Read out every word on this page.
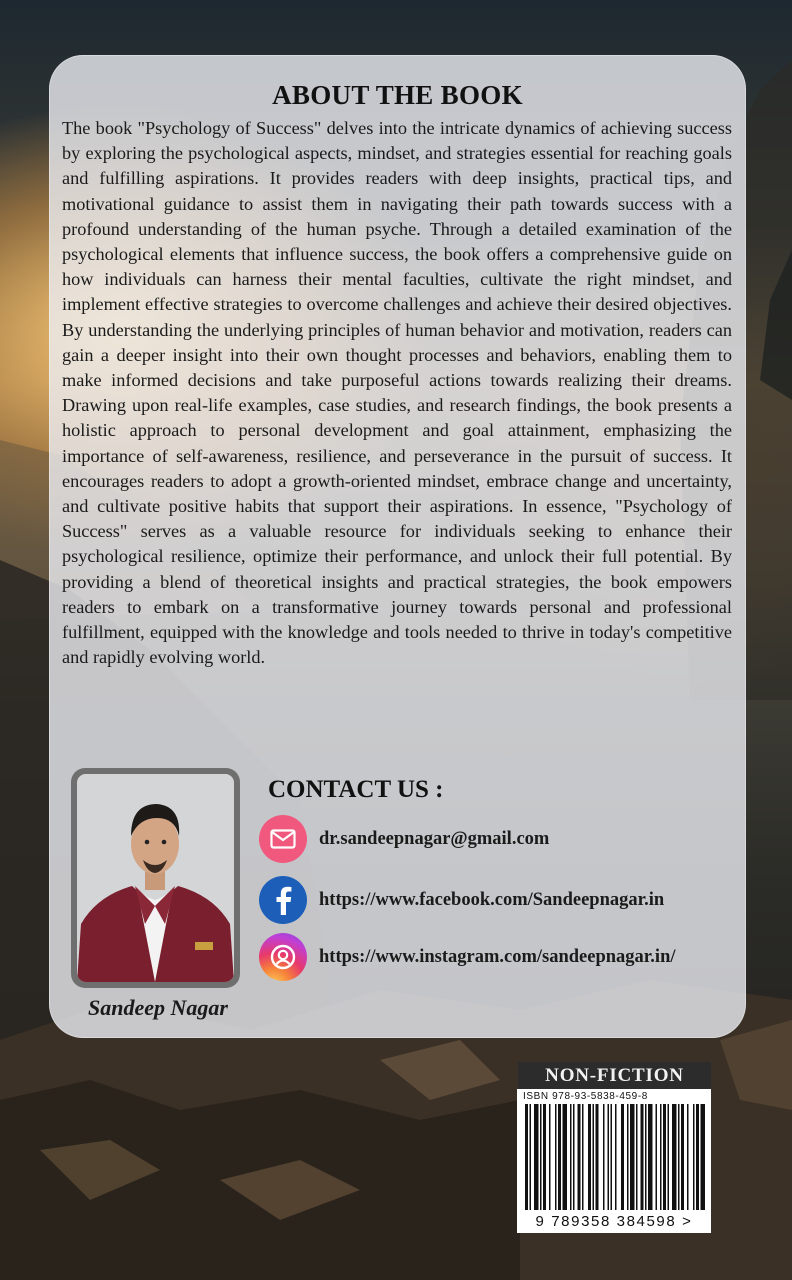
ABOUT THE BOOK

The book "Psychology of Success" delves into the intricate dynamics of achieving success by exploring the psychological aspects, mindset, and strategies essential for reaching goals and fulfilling aspirations. It provides readers with deep insights, practical tips, and motivational guidance to assist them in navigating their path towards success with a profound understanding of the human psyche. Through a detailed examination of the psychological elements that influence success, the book offers a comprehensive guide on how individuals can harness their mental faculties, cultivate the right mindset, and implement effective strategies to overcome challenges and achieve their desired objectives. By understanding the underlying principles of human behavior and motivation, readers can gain a deeper insight into their own thought processes and behaviors, enabling them to make informed decisions and take purposeful actions towards realizing their dreams. Drawing upon real-life examples, case studies, and research findings, the book presents a holistic approach to personal development and goal attainment, emphasizing the importance of self-awareness, resilience, and perseverance in the pursuit of success. It encourages readers to adopt a growth-oriented mindset, embrace change and uncertainty, and cultivate positive habits that support their aspirations. In essence, "Psychology of Success" serves as a valuable resource for individuals seeking to enhance their psychological resilience, optimize their performance, and unlock their full potential. By providing a blend of theoretical insights and practical strategies, the book empowers readers to embark on a transformative journey towards personal and professional fulfillment, equipped with the knowledge and tools needed to thrive in today's competitive and rapidly evolving world.

Sandeep Nagar
CONTACT US :
dr.sandeepnagar@gmail.com
https://www.facebook.com/Sandeepnagar.in
https://www.instagram.com/sandeepnagar.in/
NON-FICTION
ISBN 978-93-5838-459-8
9 789358 384598 >
